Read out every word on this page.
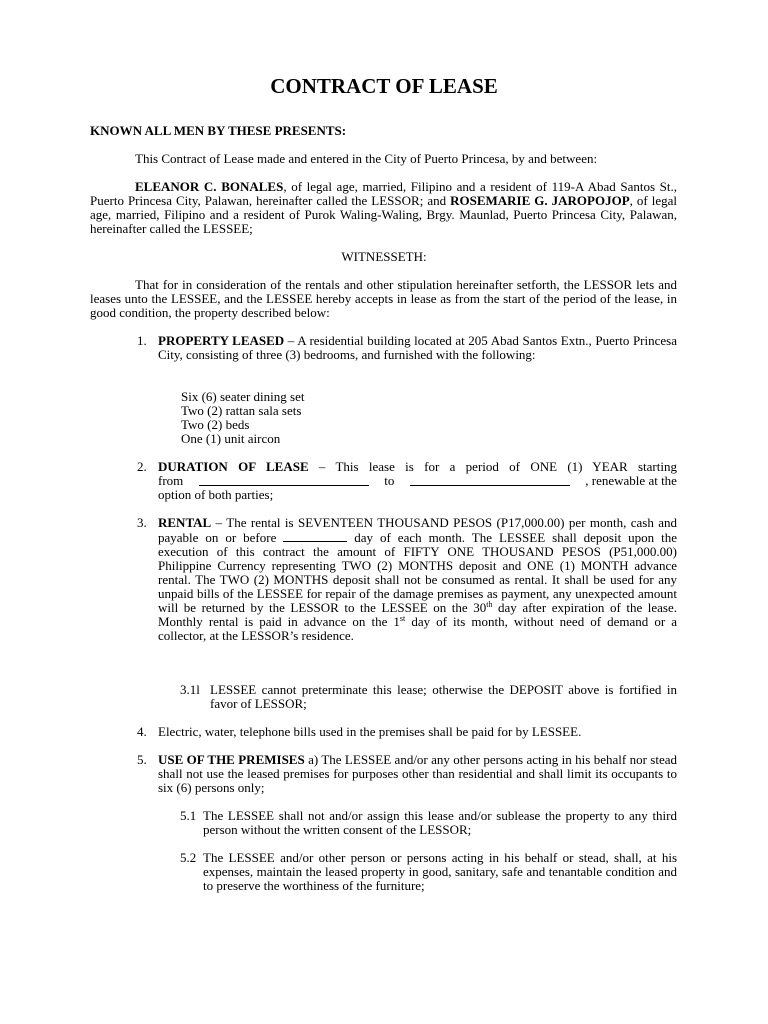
CONTRACT OF LEASE
KNOWN ALL MEN BY THESE PRESENTS:
This Contract of Lease made and entered in the City of Puerto Princesa, by and between:
ELEANOR C. BONALES, of legal age, married, Filipino and a resident of 119-A Abad Santos St., Puerto Princesa City, Palawan, hereinafter called the LESSOR; and ROSEMARIE G. JAROPOJOP, of legal age, married, Filipino and a resident of Purok Waling-Waling, Brgy. Maunlad, Puerto Princesa City, Palawan, hereinafter called the LESSEE;
WITNESSETH:
That for in consideration of the rentals and other stipulation hereinafter setforth, the LESSOR lets and leases unto the LESSEE, and the LESSEE hereby accepts in lease as from the start of the period of the lease, in good condition, the property described below:
1. PROPERTY LEASED – A residential building located at 205 Abad Santos Extn., Puerto Princesa City, consisting of three (3) bedrooms, and furnished with the following:
Six (6) seater dining set
Two (2) rattan sala sets
Two (2) beds
One (1) unit aircon
2. DURATION OF LEASE – This lease is for a period of ONE (1) YEAR starting
from	to	, renewable at the
option of both parties;
3. RENTAL – The rental is SEVENTEEN THOUSAND PESOS (P17,000.00) per month, cash and payable on or before	day of each month. The LESSEE shall deposit upon the execution of this contract the amount of FIFTY ONE THOUSAND PESOS (P51,000.00) Philippine Currency representing TWO (2) MONTHS deposit and ONE (1) MONTH advance rental. The TWO (2) MONTHS deposit shall not be consumed as rental. It shall be used for any unpaid bills of the LESSEE for repair of the damage premises as payment, any unexpected amount will be returned by the LESSOR to the LESSEE on the 30th day after expiration of the lease. Monthly rental is paid in advance on the 1st day of its month, without need of demand or a collector, at the LESSOR’s residence.
3.1l LESSEE cannot preterminate this lease; otherwise the DEPOSIT above is fortified in favor of LESSOR;
4. Electric, water, telephone bills used in the premises shall be paid for by LESSEE.
5. USE OF THE PREMISES a) The LESSEE and/or any other persons acting in his behalf nor stead shall not use the leased premises for purposes other than residential and shall limit its occupants to six (6) persons only;
5.1 The LESSEE shall not and/or assign this lease and/or sublease the property to any third person without the written consent of the LESSOR;
5.2 The LESSEE and/or other person or persons acting in his behalf or stead, shall, at his expenses, maintain the leased property in good, sanitary, safe and tenantable condition and to preserve the worthiness of the furniture;
